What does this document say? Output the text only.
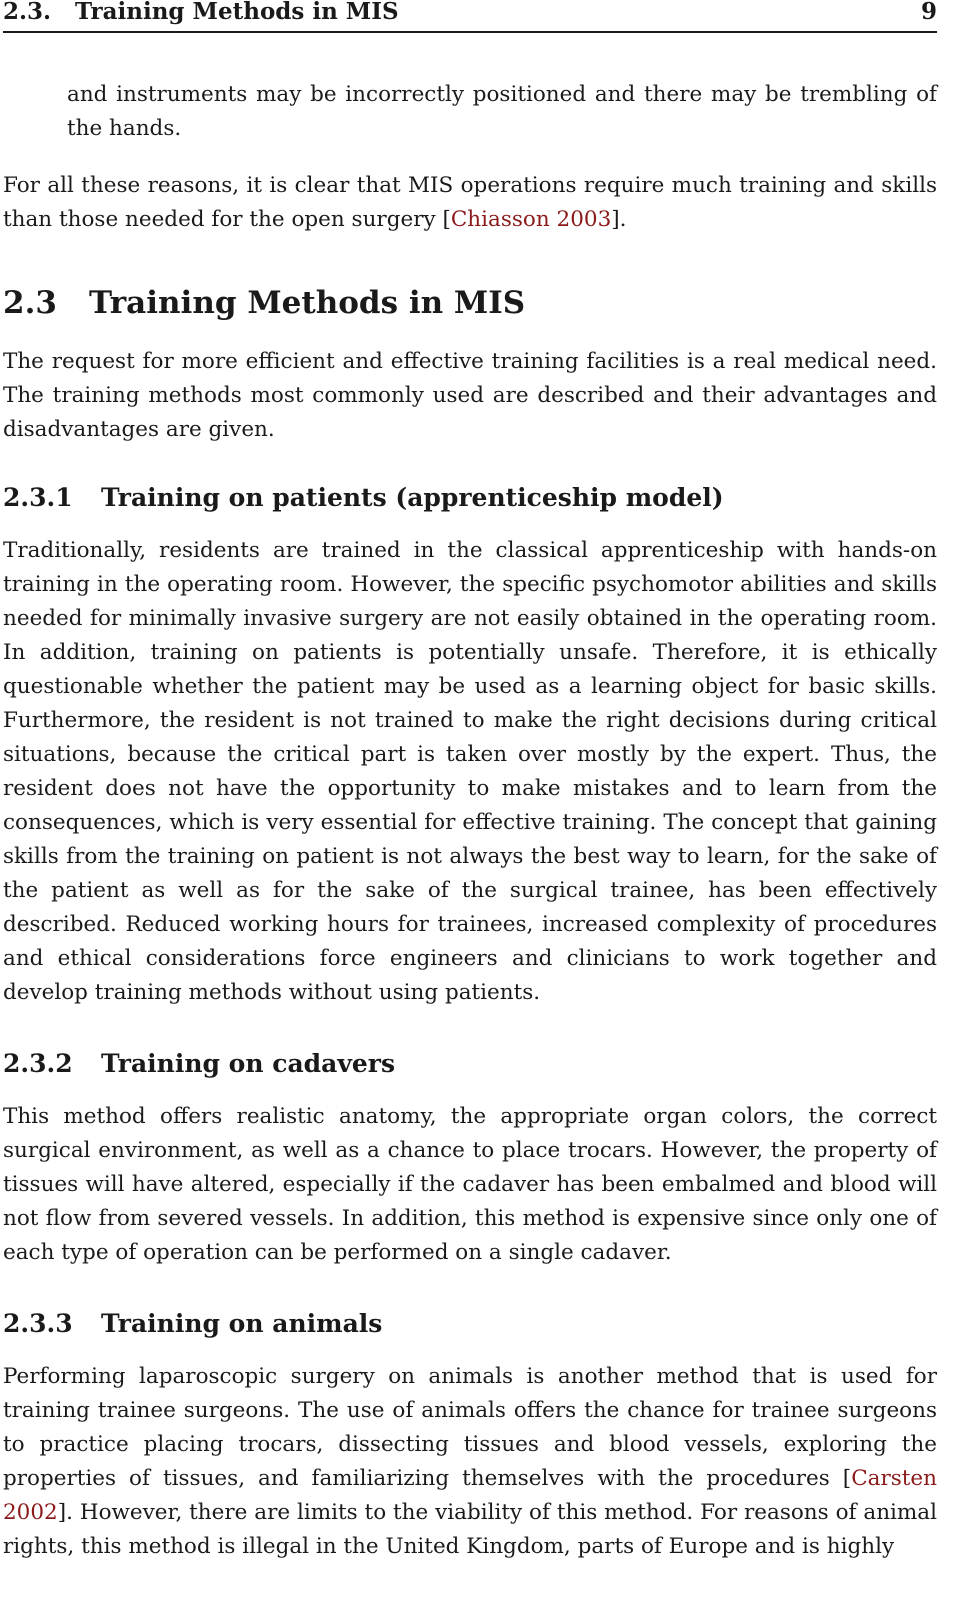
2.3.   Training Methods in MIS	9

and instruments may be incorrectly positioned and there may be trembling of the hands.

For all these reasons, it is clear that MIS operations require much training and skills than those needed for the open surgery [Chiasson 2003].

2.3 Training Methods in MIS

The request for more efficient and effective training facilities is a real medical need. The training methods most commonly used are described and their advantages and disadvantages are given.

2.3.1 Training on patients (apprenticeship model)

Traditionally, residents are trained in the classical apprenticeship with hands-on training in the operating room. However, the specific psychomotor abilities and skills needed for minimally invasive surgery are not easily obtained in the operating room. In addition, training on patients is potentially unsafe. Therefore, it is ethically questionable whether the patient may be used as a learning object for basic skills. Furthermore, the resident is not trained to make the right decisions during critical situations, because the critical part is taken over mostly by the expert. Thus, the resident does not have the opportunity to make mistakes and to learn from the consequences, which is very essential for effective training. The concept that gaining skills from the training on patient is not always the best way to learn, for the sake of the patient as well as for the sake of the surgical trainee, has been effectively described. Reduced working hours for trainees, increased complexity of procedures and ethical considerations force engineers and clinicians to work together and develop training methods without using patients.

2.3.2 Training on cadavers

This method offers realistic anatomy, the appropriate organ colors, the correct surgical environment, as well as a chance to place trocars. However, the property of tissues will have altered, especially if the cadaver has been embalmed and blood will not flow from severed vessels. In addition, this method is expensive since only one of each type of operation can be performed on a single cadaver.

2.3.3 Training on animals

Performing laparoscopic surgery on animals is another method that is used for training trainee surgeons. The use of animals offers the chance for trainee surgeons to practice placing trocars, dissecting tissues and blood vessels, exploring the properties of tissues, and familiarizing themselves with the procedures [Carsten 2002]. However, there are limits to the viability of this method. For reasons of animal rights, this method is illegal in the United Kingdom, parts of Europe and is highly
